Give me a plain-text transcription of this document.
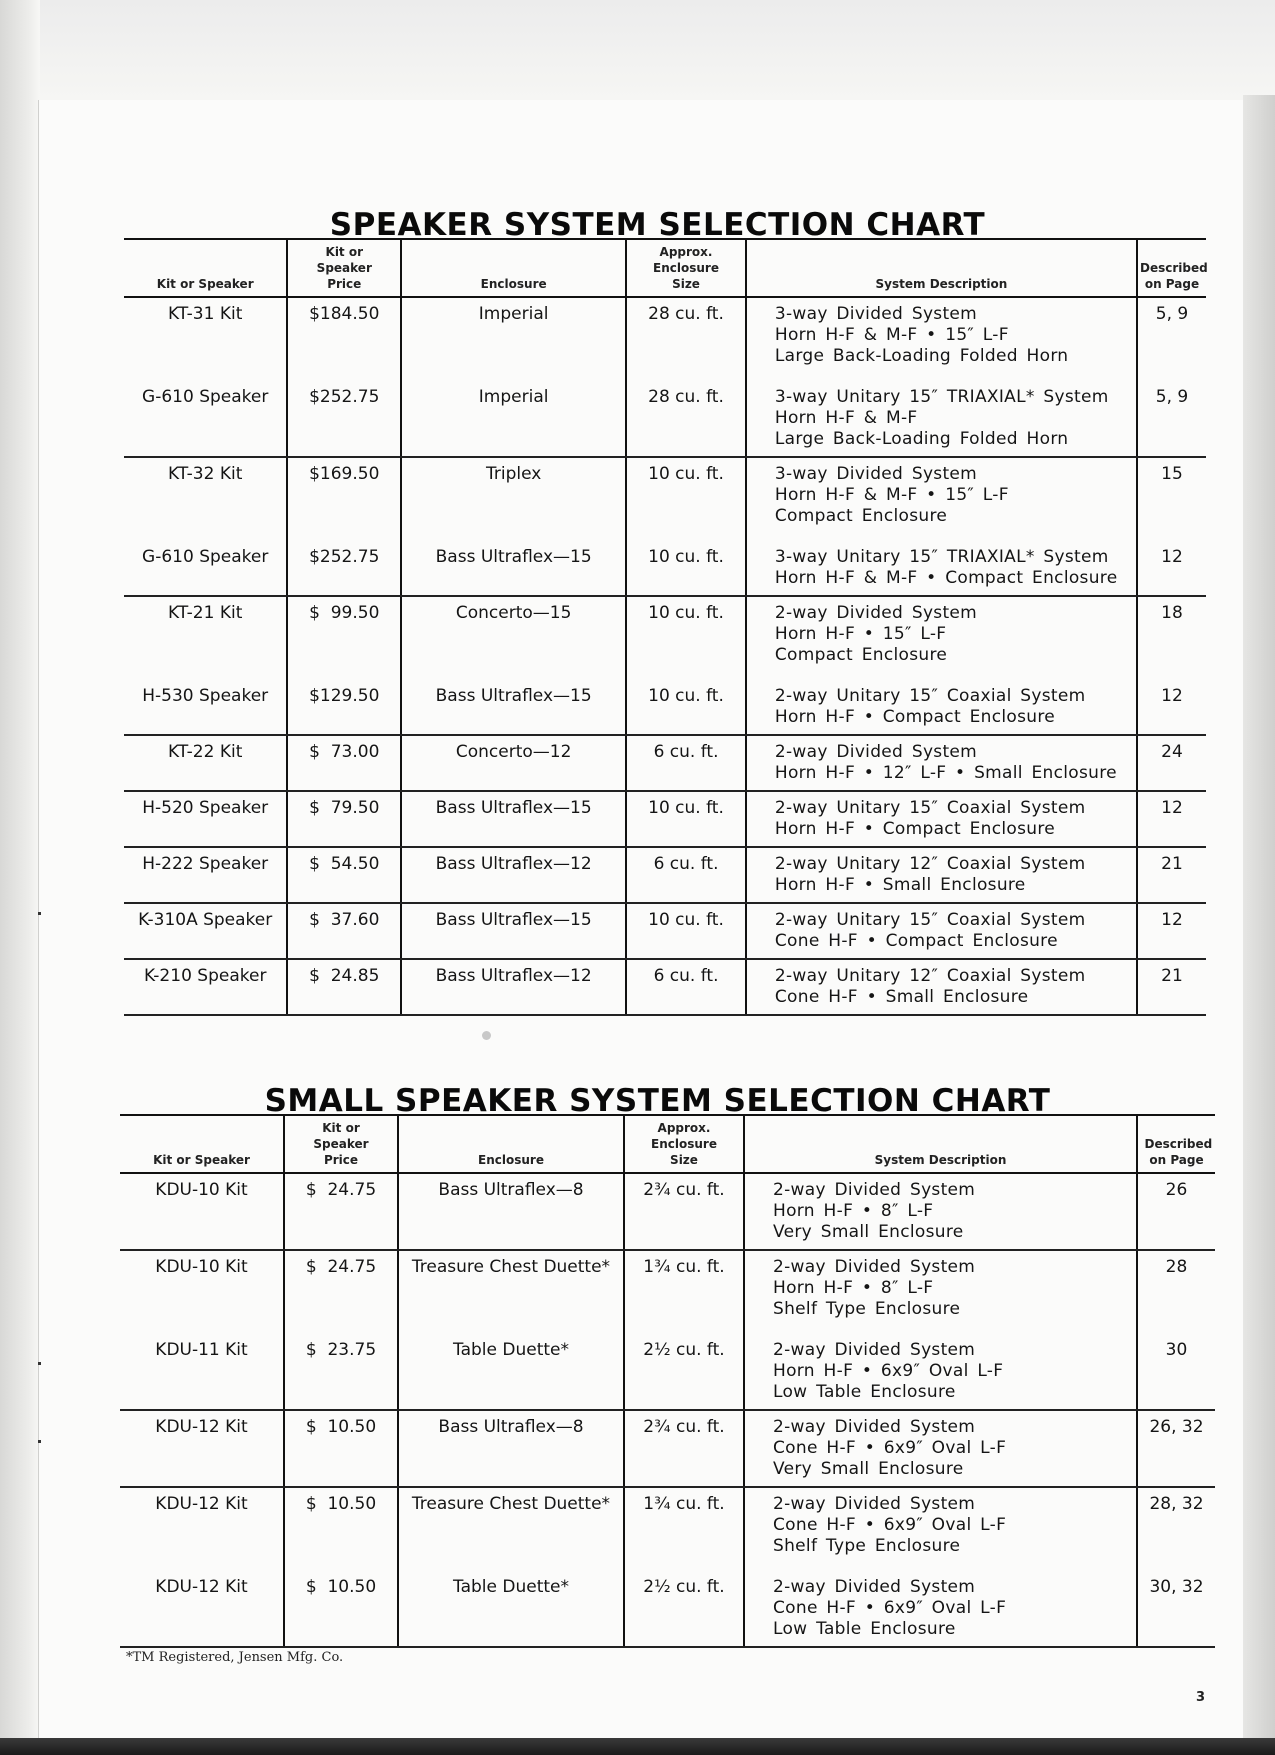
SPEAKER SYSTEM SELECTION CHART
Kit or Speaker	Kit or Speaker Price	Enclosure	Approx. Enclosure Size	System Description	Described on Page

KT-31 Kit	$184.50	Imperial	28 cu. ft.	3-way Divided System
Horn H-F & M-F • 15″ L-F
Large Back-Loading Folded Horn	5, 9

G-610 Speaker	$252.75	Imperial	28 cu. ft.	3-way Unitary 15″ TRIAXIAL* System
Horn H-F & M-F
Large Back-Loading Folded Horn	5, 9

KT-32 Kit	$169.50	Triplex	10 cu. ft.	3-way Divided System
Horn H-F & M-F • 15″ L-F
Compact Enclosure	15

G-610 Speaker	$252.75	Bass Ultraflex—15	10 cu. ft.	3-way Unitary 15″ TRIAXIAL* System
Horn H-F & M-F • Compact Enclosure	12

KT-21 Kit	$  99.50	Concerto—15	10 cu. ft.	2-way Divided System
Horn H-F • 15″ L-F
Compact Enclosure	18

H-530 Speaker	$129.50	Bass Ultraflex—15	10 cu. ft.	2-way Unitary 15″ Coaxial System
Horn H-F • Compact Enclosure	12

KT-22 Kit	$  73.00	Concerto—12	6 cu. ft.	2-way Divided System
Horn H-F • 12″ L-F • Small Enclosure	24

H-520 Speaker	$  79.50	Bass Ultraflex—15	10 cu. ft.	2-way Unitary 15″ Coaxial System
Horn H-F • Compact Enclosure	12

H-222 Speaker	$  54.50	Bass Ultraflex—12	6 cu. ft.	2-way Unitary 12″ Coaxial System
Horn H-F • Small Enclosure	21

K-310A Speaker	$  37.60	Bass Ultraflex—15	10 cu. ft.	2-way Unitary 15″ Coaxial System
Cone H-F • Compact Enclosure	12

K-210 Speaker	$  24.85	Bass Ultraflex—12	6 cu. ft.	2-way Unitary 12″ Coaxial System
Cone H-F • Small Enclosure	21
SMALL SPEAKER SYSTEM SELECTION CHART
Kit or Speaker	Kit or Speaker Price	Enclosure	Approx. Enclosure Size	System Description	Described on Page

KDU-10 Kit	$  24.75	Bass Ultraflex—8	2¾ cu. ft.	2-way Divided System
Horn H-F • 8″ L-F
Very Small Enclosure	26

KDU-10 Kit	$  24.75	Treasure Chest Duette*	1¾ cu. ft.	2-way Divided System
Horn H-F • 8″ L-F
Shelf Type Enclosure	28

KDU-11 Kit	$  23.75	Table Duette*	2½ cu. ft.	2-way Divided System
Horn H-F • 6x9″ Oval L-F
Low Table Enclosure	30

KDU-12 Kit	$  10.50	Bass Ultraflex—8	2¾ cu. ft.	2-way Divided System
Cone H-F • 6x9″ Oval L-F
Very Small Enclosure	26, 32

KDU-12 Kit	$  10.50	Treasure Chest Duette*	1¾ cu. ft.	2-way Divided System
Cone H-F • 6x9″ Oval L-F
Shelf Type Enclosure	28, 32

KDU-12 Kit	$  10.50	Table Duette*	2½ cu. ft.	2-way Divided System
Cone H-F • 6x9″ Oval L-F
Low Table Enclosure	30, 32
*TM Registered, Jensen Mfg. Co.
3
